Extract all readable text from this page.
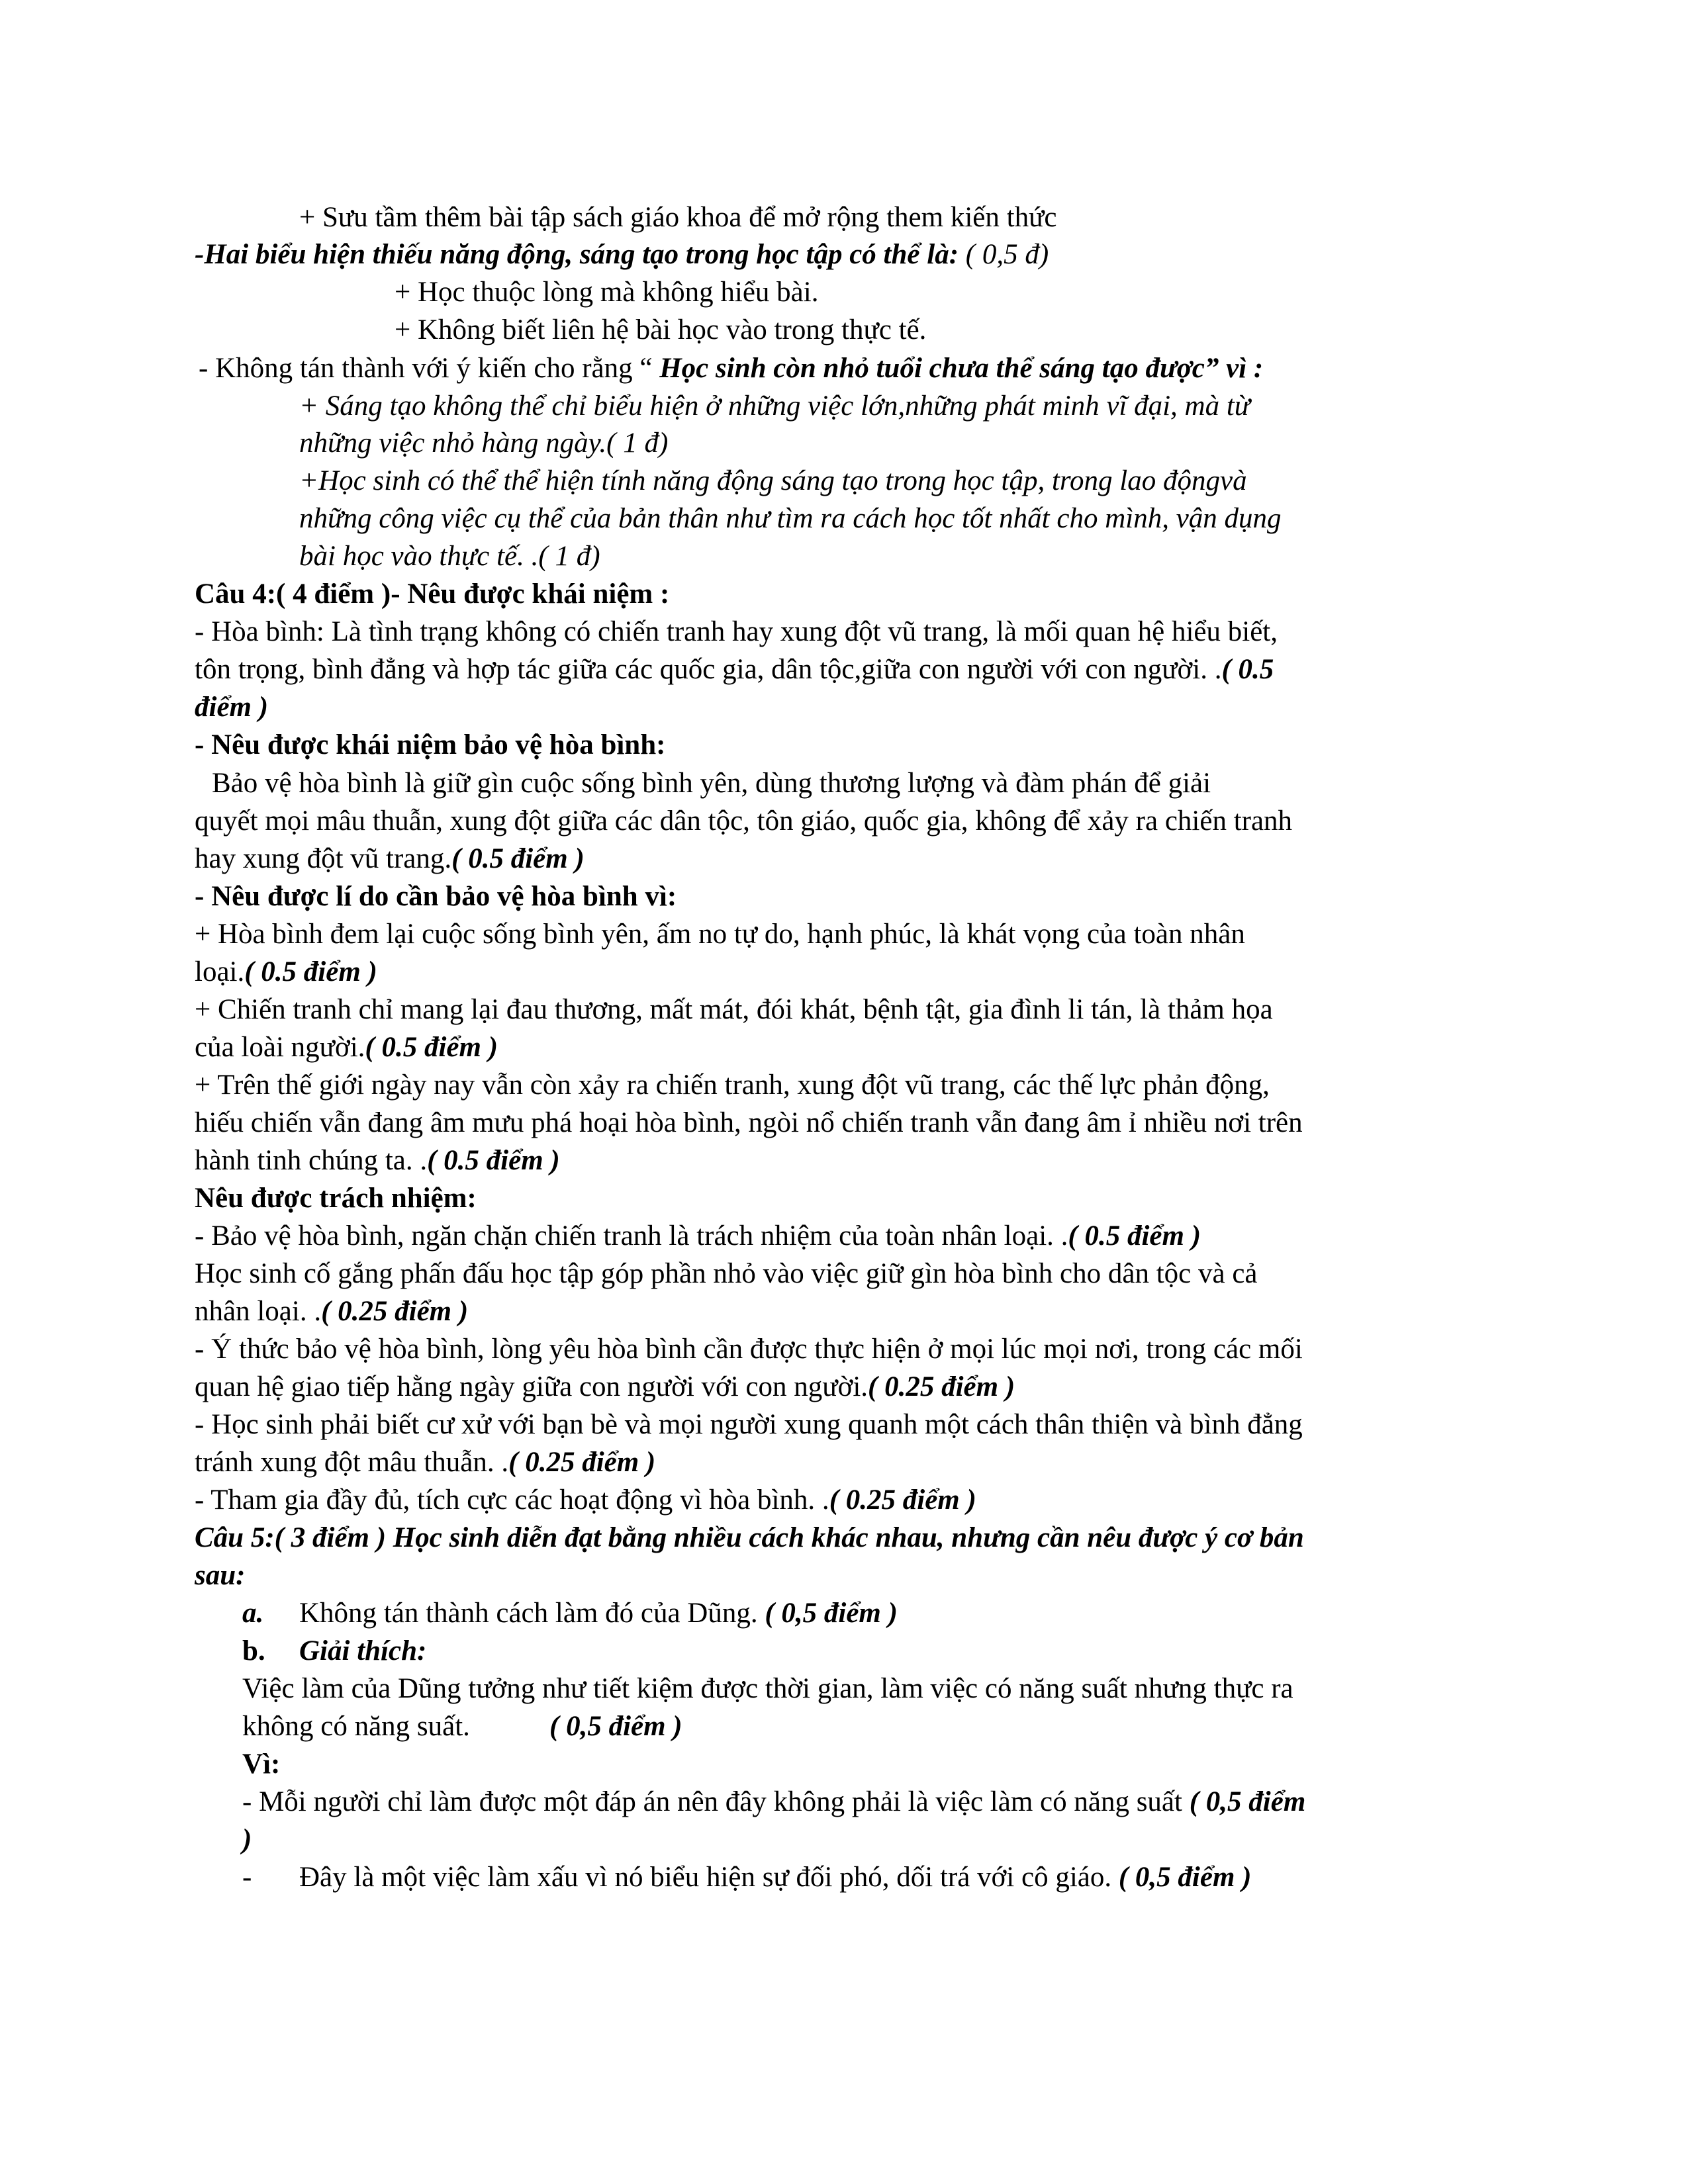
+ Sưu tầm thêm bài tập sách giáo khoa để mở rộng them kiến thức
-Hai biểu hiện thiếu năng động, sáng tạo trong học tập có thể là: ( 0,5 đ)
+ Học thuộc lòng mà không hiểu bài.
+ Không biết liên hệ bài học vào trong thực tế.
- Không tán thành với ý kiến cho rằng “ Học sinh còn nhỏ tuổi chưa thể sáng tạo được” vì :
+ Sáng tạo không thể chỉ biểu hiện ở những việc lớn,những phát minh vĩ đại, mà từ
những việc nhỏ hàng ngày.( 1 đ)
+Học sinh có thể thể hiện tính năng động sáng tạo trong học tập, trong lao độngvà
những công việc cụ thể của bản thân như tìm ra cách học tốt nhất cho mình, vận dụng
bài học vào thực tế. .( 1 đ)
Câu 4:( 4 điểm )- Nêu được khái niệm :
- Hòa bình: Là tình trạng không có chiến tranh hay xung đột vũ trang, là mối quan hệ hiểu biết,
tôn trọng, bình đẳng và hợp tác giữa các quốc gia, dân tộc,giữa con người với con người. .( 0.5
điểm )
- Nêu được khái niệm bảo vệ hòa bình:
Bảo vệ hòa bình là giữ gìn cuộc sống bình yên, dùng thương lượng và đàm phán để giải
quyết mọi mâu thuẫn, xung đột giữa các dân tộc, tôn giáo, quốc gia, không để xảy ra chiến tranh
hay xung đột vũ trang.( 0.5 điểm )
- Nêu được lí do cần bảo vệ hòa bình vì:
+ Hòa bình đem lại cuộc sống bình yên, ấm no tự do, hạnh phúc, là khát vọng của toàn nhân
loại.( 0.5 điểm )
+ Chiến tranh chỉ mang lại đau thương, mất mát, đói khát, bệnh tật, gia đình li tán, là thảm họa
của loài người.( 0.5 điểm )
+ Trên thế giới ngày nay vẫn còn xảy ra chiến tranh, xung đột vũ trang, các thế lực phản động,
hiếu chiến vẫn đang âm mưu phá hoại hòa bình, ngòi nổ chiến tranh vẫn đang âm ỉ nhiều nơi trên
hành tinh chúng ta. .( 0.5 điểm )
Nêu được trách nhiệm:
- Bảo vệ hòa bình, ngăn chặn chiến tranh là trách nhiệm của toàn nhân loại. .( 0.5 điểm )
Học sinh cố gắng phấn đấu học tập góp phần nhỏ vào việc giữ gìn hòa bình cho dân tộc và cả
nhân loại. .( 0.25 điểm )
- Ý thức bảo vệ hòa bình, lòng yêu hòa bình cần được thực hiện ở mọi lúc mọi nơi, trong các mối
quan hệ giao tiếp hằng ngày giữa con người với con người.( 0.25 điểm )
- Học sinh phải biết cư xử với bạn bè và mọi người xung quanh một cách thân thiện và bình đẳng
tránh xung đột mâu thuẫn. .( 0.25 điểm )
- Tham gia đầy đủ, tích cực các hoạt động vì hòa bình. .( 0.25 điểm )
Câu 5:( 3 điểm ) Học sinh diễn đạt bằng nhiều cách khác nhau, nhưng cần nêu được ý cơ bản
sau:
a. Không tán thành cách làm đó của Dũng. ( 0,5 điểm )
b. Giải thích:
Việc làm của Dũng tưởng như tiết kiệm được thời gian, làm việc có năng suất nhưng thực ra
không có năng suất.	( 0,5 điểm )
Vì:
- Mỗi người chỉ làm được một đáp án nên đây không phải là việc làm có năng suất ( 0,5 điểm
)
- Đây là một việc làm xấu vì nó biểu hiện sự đối phó, dối trá với cô giáo. ( 0,5 điểm )
